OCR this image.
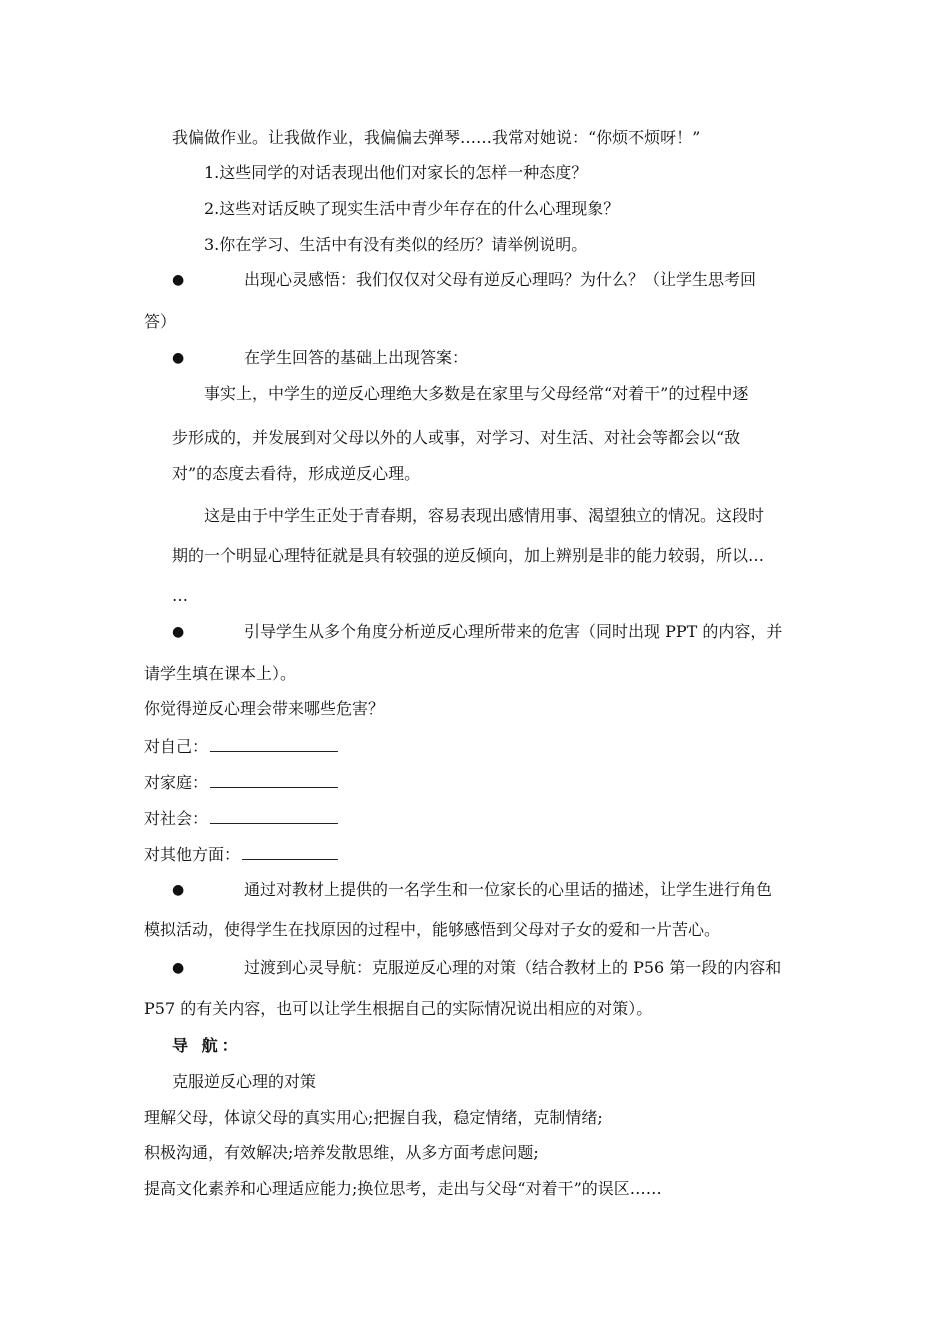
我偏做作业。让我做作业，我偏偏去弹琴……我常对她说：“你烦不烦呀！”
1.这些同学的对话表现出他们对家长的怎样一种态度？
2.这些对话反映了现实生活中青少年存在的什么心理现象？
3.你在学习、生活中有没有类似的经历？请举例说明。
●	出现心灵感悟：我们仅仅对父母有逆反心理吗？为什么？（让学生思考回
答）
●	在学生回答的基础上出现答案：
事实上，中学生的逆反心理绝大多数是在家里与父母经常“对着干”的过程中逐
步形成的，并发展到对父母以外的人或事，对学习、对生活、对社会等都会以“敌
对”的态度去看待，形成逆反心理。
这是由于中学生正处于青春期，容易表现出感情用事、渴望独立的情况。这段时
期的一个明显心理特征就是具有较强的逆反倾向，加上辨别是非的能力较弱，所以…
…
●	引导学生从多个角度分析逆反心理所带来的危害（同时出现 PPT 的内容，并
请学生填在课本上）。
你觉得逆反心理会带来哪些危害？
对自己：
对家庭：
对社会：
对其他方面：
●	通过对教材上提供的一名学生和一位家长的心里话的描述，让学生进行角色
模拟活动，使得学生在找原因的过程中，能够感悟到父母对子女的爱和一片苦心。
●	过渡到心灵导航：克服逆反心理的对策（结合教材上的 P56 第一段的内容和
P57 的有关内容，也可以让学生根据自己的实际情况说出相应的对策）。
导 航：
克服逆反心理的对策
理解父母，体谅父母的真实用心;把握自我，稳定情绪，克制情绪;
积极沟通，有效解决;培养发散思维，从多方面考虑问题;
提高文化素养和心理适应能力;换位思考，走出与父母“对着干”的误区……
